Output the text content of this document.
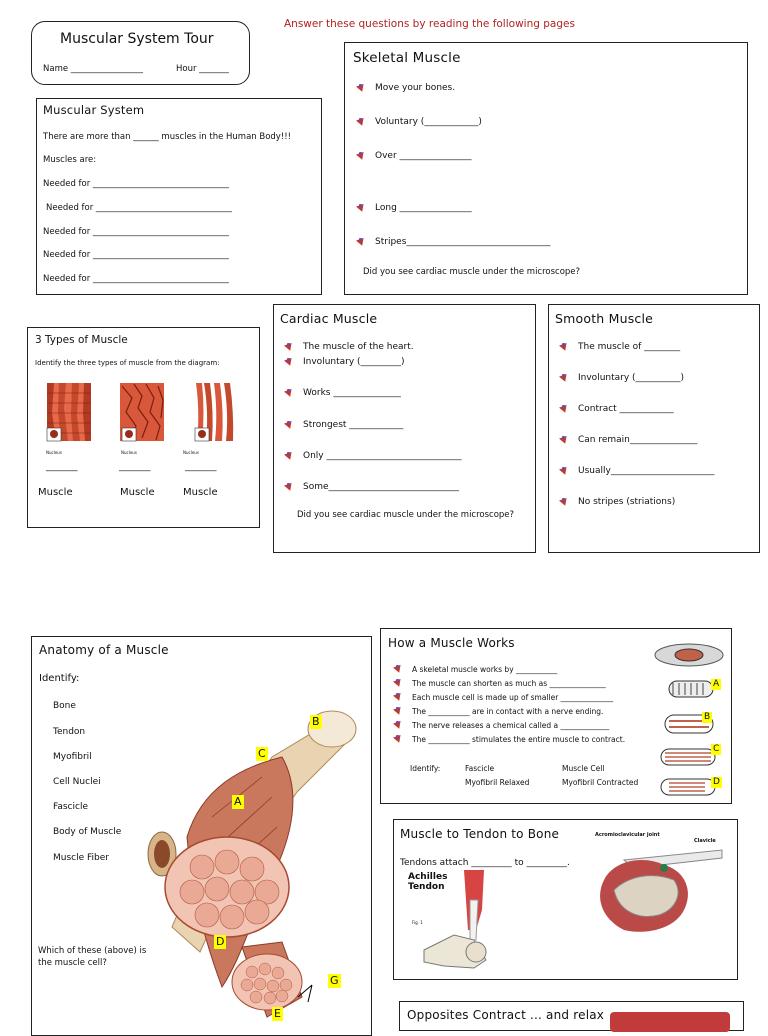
Answer these questions by reading the following pages
Muscular System Tour
Name _________________	Hour _______
Muscular System
There are more than ______ muscles in the Human Body!!!
Muscles are:
Needed for ________________________________
Needed for ________________________________
Needed for ________________________________
Needed for ________________________________
Needed for ________________________________
Skeletal Muscle
Move your bones.
Voluntary (____________)
Over ________________
Long ________________
Stripes________________________________
Did you see cardiac muscle under the microscope?
3 Types of Muscle
Identify the three types of muscle from the diagram:
Nucleus	Nucleus	Nucleus
_______	_______	_______
Muscle	Muscle	Muscle
Cardiac Muscle
The muscle of the heart.
Involuntary (_________)
Works _______________
Strongest ____________
Only ______________________________
Some_____________________________
Did you see cardiac muscle under the microscope?
Smooth Muscle
The muscle of ________
Involuntary (__________)
Contract ____________
Can remain_______________
Usually_______________________
No stripes (striations)
Anatomy of a Muscle
Identify:
Bone
Tendon
Myofibril
Cell Nuclei
Fascicle
Body of Muscle
Muscle Fiber
Which of these (above) is the muscle cell?
B
C
A
D
G
E
How a Muscle Works
A skeletal muscle works by ___________
The muscle can shorten as much as _______________
Each muscle cell is made up of smaller ______________
The ___________ are in contact with a nerve ending.
The nerve releases a chemical called a _____________
The ___________ stimulates the entire muscle to contract.
Identify:	Fascicle	Muscle Cell
Myofibril Relaxed	Myofibril Contracted
A
B
C
D
Muscle to Tendon to Bone
Tendons attach _________ to _________.
Achilles Tendon
Fig. 1
Acromioclavicular joint
Clavicle
Opposites Contract ... and relax
